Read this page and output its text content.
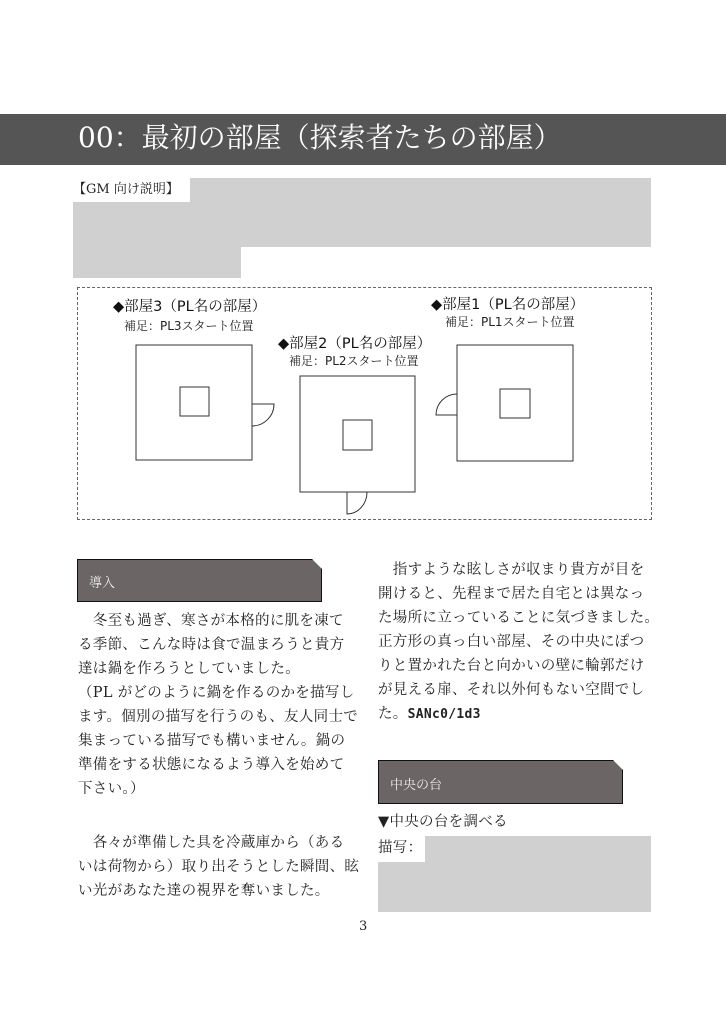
00：最初の部屋（探索者たちの部屋）
【GM 向け説明】
◆部屋3（PL名の部屋）
補足：PL3スタート位置
◆部屋2（PL名の部屋）
補足：PL2スタート位置
◆部屋1（PL名の部屋）
補足：PL1スタート位置
導入
　冬至も過ぎ、寒さが本格的に肌を凍て
る季節、こんな時は食で温まろうと貴方
達は鍋を作ろうとしていました。
（PL がどのように鍋を作るのかを描写し
ます。個別の描写を行うのも、友人同士で
集まっている描写でも構いません。鍋の
準備をする状態になるよう導入を始めて
下さい。）
　各々が準備した具を冷蔵庫から（ある
いは荷物から）取り出そうとした瞬間、眩
い光があなた達の視界を奪いました。
　指すような眩しさが収まり貴方が目を
開けると、先程まで居た自宅とは異なっ
た場所に立っていることに気づきました。
正方形の真っ白い部屋、その中央にぽつ
りと置かれた台と向かいの壁に輪郭だけ
が見える扉、それ以外何もない空間でし
た。SANc0/1d3
中央の台
▼中央の台を調べる
描写：
3
